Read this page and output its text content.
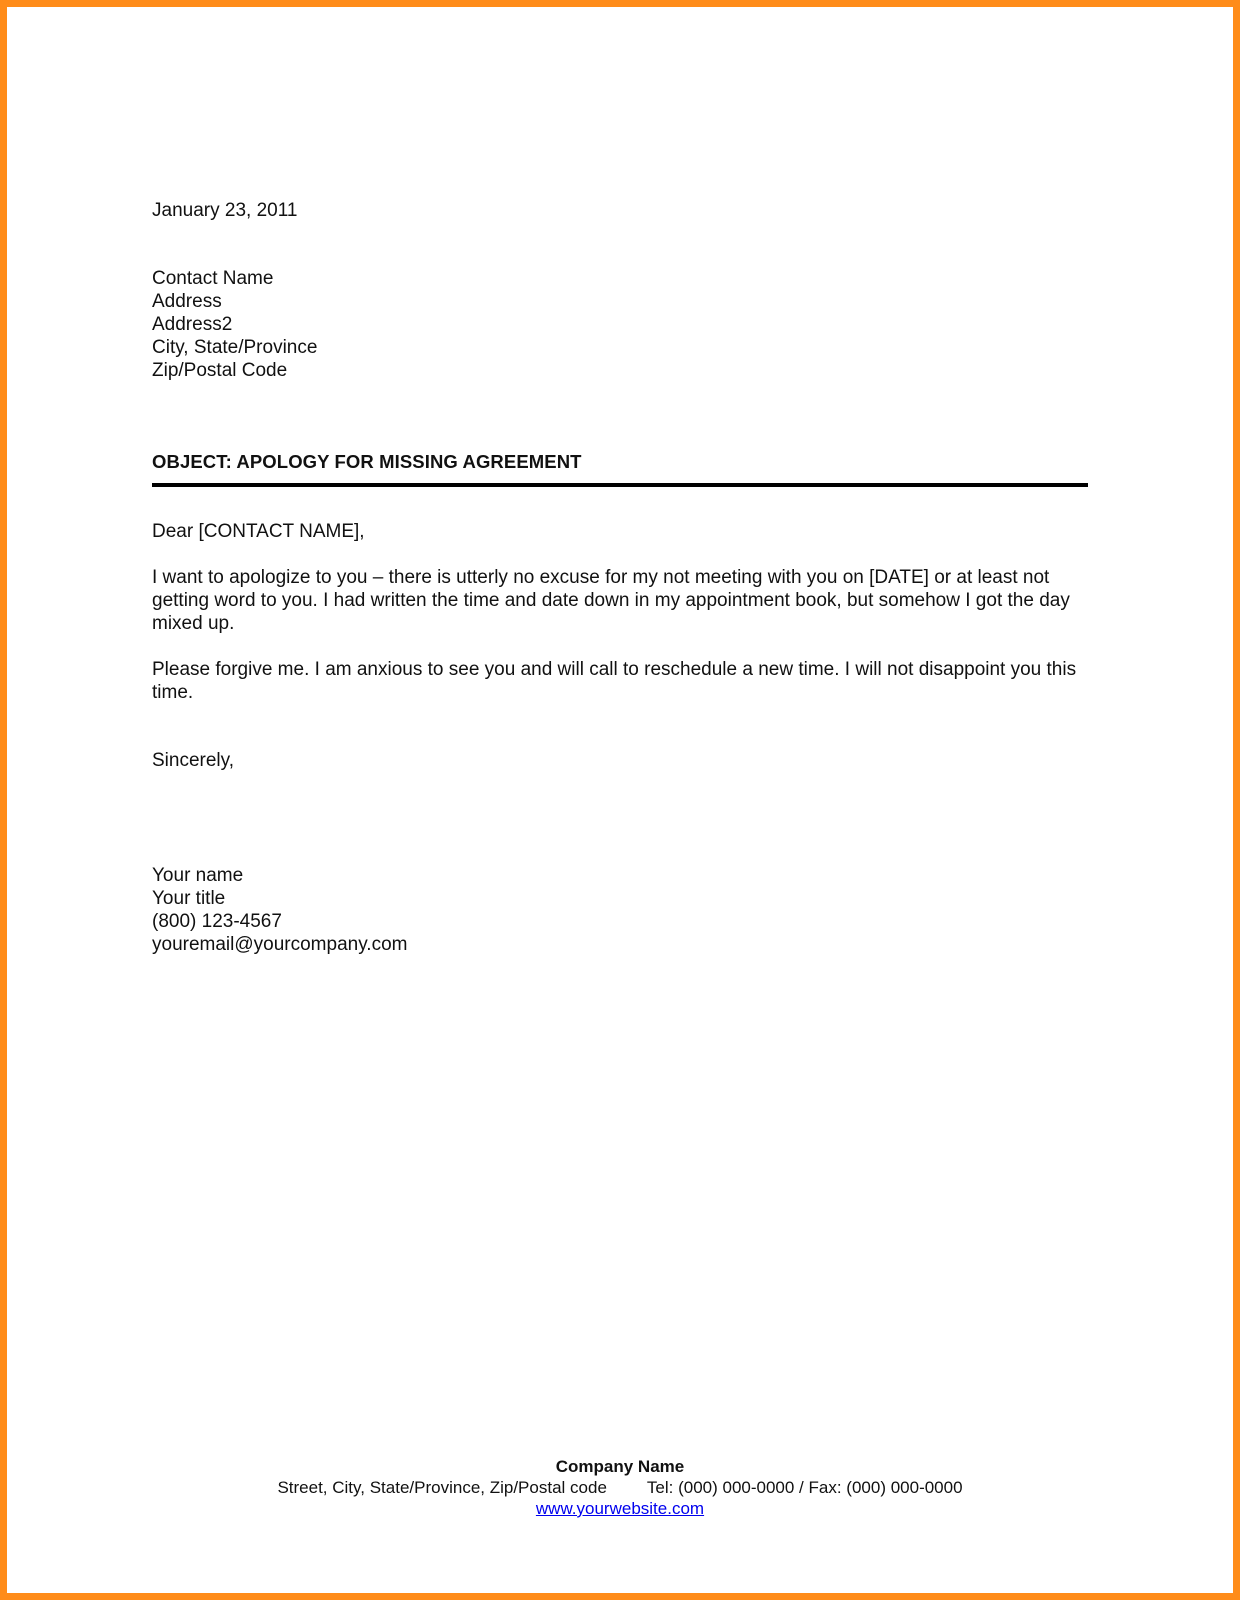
January 23, 2011
Contact Name
Address
Address2
City, State/Province
Zip/Postal Code
OBJECT: APOLOGY FOR MISSING AGREEMENT
Dear [CONTACT NAME],
I want to apologize to you – there is utterly no excuse for my not meeting with you on [DATE] or at least not getting word to you. I had written the time and date down in my appointment book, but somehow I got the day mixed up.
Please forgive me. I am anxious to see you and will call to reschedule a new time. I will not disappoint you this time.
Sincerely,
Your name
Your title
(800) 123-4567
youremail@yourcompany.com
Company Name
Street, City, State/Province, Zip/Postal code Tel: (000) 000-0000 / Fax: (000) 000-0000
www.yourwebsite.com
